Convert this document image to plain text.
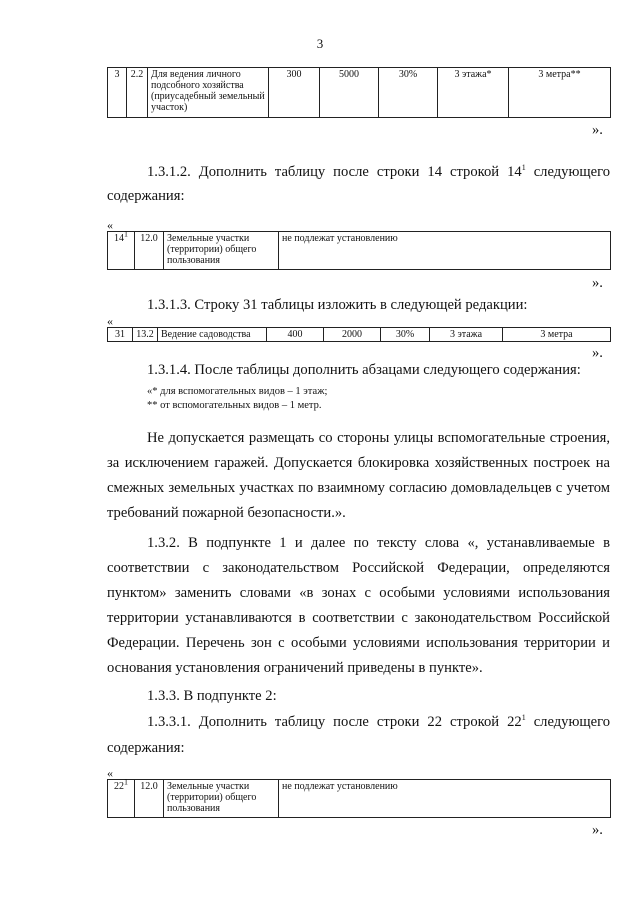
3
3	2.2	Для ведения личного подсобного хозяйства (приусадебный земельный участок)	300	5000	30%	3 этажа*	3 метра**
».
1.3.1.2. Дополнить таблицу после строки 14 строкой $14^1$ следующего содержания:
«
$14^1$	12.0	Земельные участки (территории) общего пользования	не подлежат установлению
».
1.3.1.3. Строку 31 таблицы изложить в следующей редакции:
«
31	13.2	Ведение садоводства	400	2000	30%	3 этажа	3 метра
».
1.3.1.4. После таблицы дополнить абзацами следующего содержания:
«* для вспомогательных видов – 1 этаж;
** от вспомогательных видов – 1 метр.
Не допускается размещать со стороны улицы вспомогательные строения, за исключением гаражей. Допускается блокировка хозяйственных построек на смежных земельных участках по взаимному согласию домовладельцев с учетом требований пожарной безопасности.».
1.3.2. В подпункте 1 и далее по тексту слова «, устанавливаемые в соответствии с законодательством Российской Федерации, определяются пунктом» заменить словами «в зонах с особыми условиями использования территории устанавливаются в соответствии с законодательством Российской Федерации. Перечень зон с особыми условиями использования территории и основания установления ограничений приведены в пункте».
1.3.3. В подпункте 2:
1.3.3.1. Дополнить таблицу после строки 22 строкой $22^1$ следующего содержания:
«
$22^1$	12.0	Земельные участки (территории) общего пользования	не подлежат установлению
».
